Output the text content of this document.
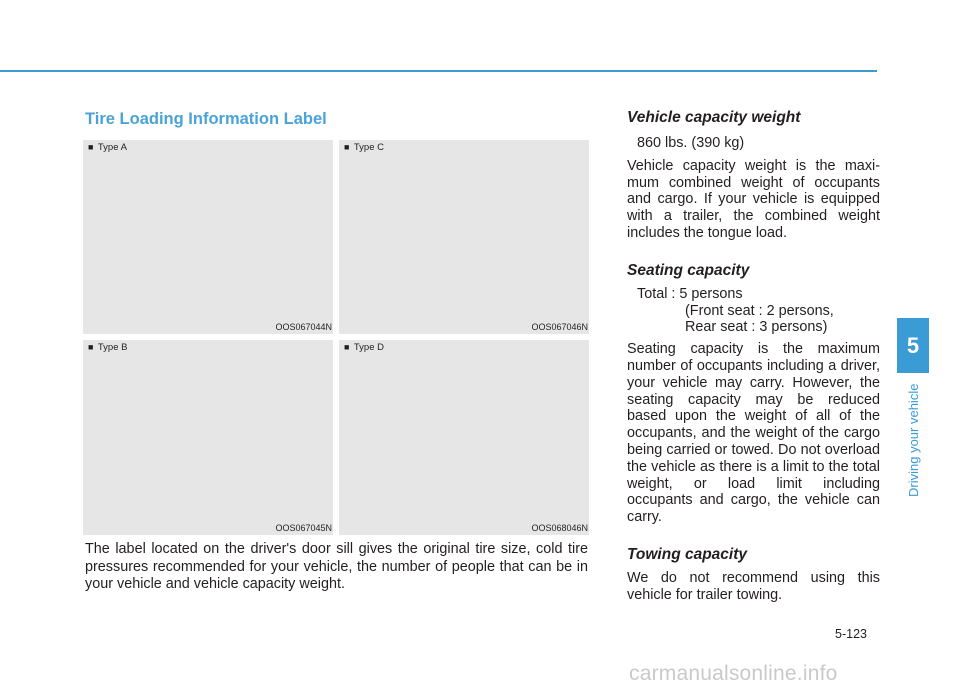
Tire Loading Information Label
■ Type A
OOS067044N
■ Type C
OOS067046N
■ Type B
OOS067045N
■ Type D
OOS068046N
The label located on the driver's door sill gives the original tire size, cold tire pressures recommended for your vehicle, the number of people that can be in your vehicle and vehicle capacity weight.
Vehicle capacity weight
860 lbs. (390 kg)
Vehicle capacity weight is the maxi-mum combined weight of occupants and cargo. If your vehicle is equipped with a trailer, the combined weight includes the tongue load.
Seating capacity
Total : 5 persons
(Front seat : 2 persons,
Rear seat : 3 persons)
Seating capacity is the maximum number of occupants including a driver, your vehicle may carry. However, the seating capacity may be reduced based upon the weight of all of the occupants, and the weight of the cargo being carried or towed. Do not overload the vehicle as there is a limit to the total weight, or load limit including occupants and cargo, the vehicle can carry.
Towing capacity
We do not recommend using this vehicle for trailer towing.
5
Driving your vehicle
5-123
carmanualsonline.info
